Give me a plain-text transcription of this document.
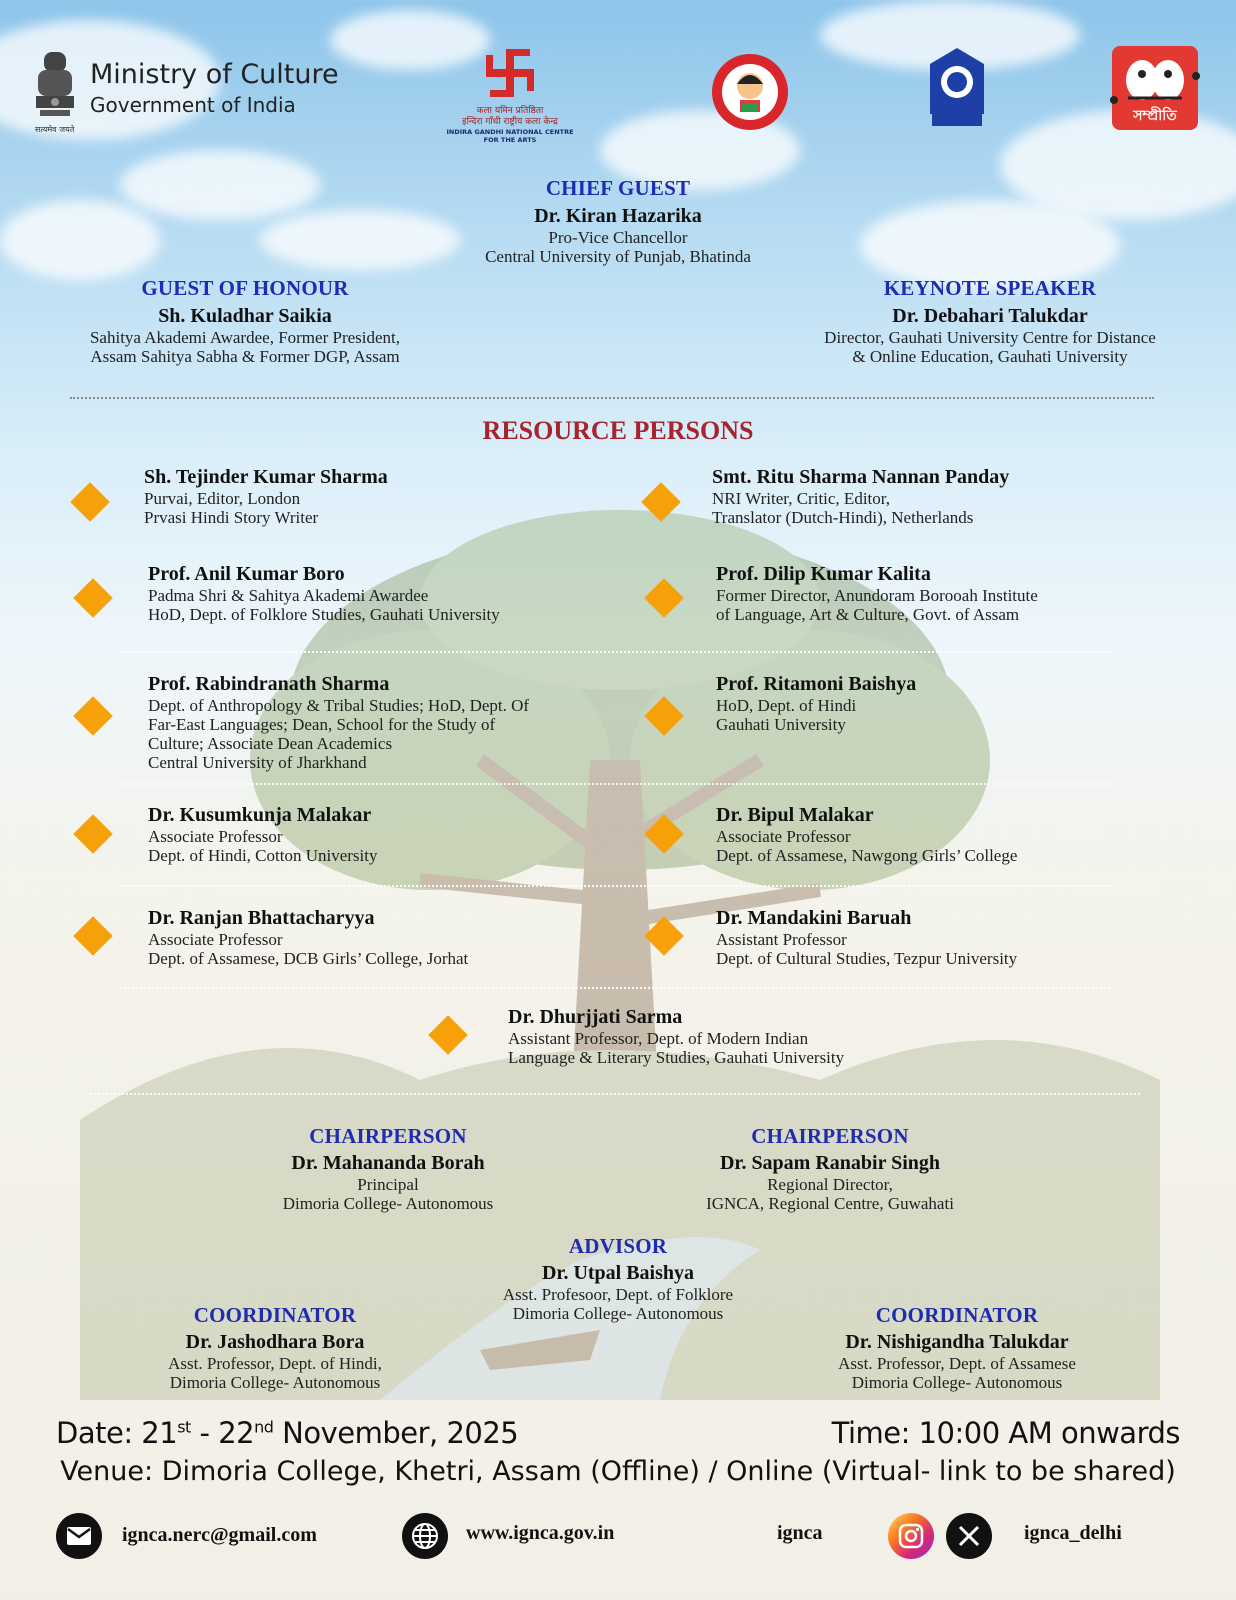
Ministry of Culture
Government of India
सत्यमेव जयते
कला यमिन प्रतिष्ठिता
इन्दिरा गाँधी राष्ट्रीय कला केन्द्र
INDIRA GANDHI NATIONAL CENTRE FOR THE ARTS
সম্প্ৰীতি
CHIEF GUEST
Dr. Kiran Hazarika
Pro-Vice Chancellor
Central University of Punjab, Bhatinda
GUEST OF HONOUR
Sh. Kuladhar Saikia
Sahitya Akademi Awardee, Former President,
Assam Sahitya Sabha & Former DGP, Assam
KEYNOTE SPEAKER
Dr. Debahari Talukdar
Director, Gauhati University Centre for Distance
& Online Education, Gauhati University
RESOURCE PERSONS
Sh. Tejinder Kumar Sharma
Purvai, Editor, London
Prvasi Hindi Story Writer
Smt. Ritu Sharma Nannan Panday
NRI Writer, Critic, Editor,
Translator (Dutch-Hindi), Netherlands
Prof. Anil Kumar Boro
Padma Shri & Sahitya Akademi Awardee
HoD, Dept. of Folklore Studies, Gauhati University
Prof. Dilip Kumar Kalita
Former Director, Anundoram Borooah Institute
of Language, Art & Culture, Govt. of Assam
Prof. Rabindranath Sharma
Dept. of Anthropology & Tribal Studies; HoD, Dept. Of
Far-East Languages; Dean, School for the Study of
Culture; Associate Dean Academics
Central University of Jharkhand
Prof. Ritamoni Baishya
HoD, Dept. of Hindi
Gauhati University
Dr. Kusumkunja Malakar
Associate Professor
Dept. of Hindi, Cotton University
Dr. Bipul Malakar
Associate Professor
Dept. of Assamese, Nawgong Girls’ College
Dr. Ranjan Bhattacharyya
Associate Professor
Dept. of Assamese, DCB Girls’ College, Jorhat
Dr. Mandakini Baruah
Assistant Professor
Dept. of Cultural Studies, Tezpur University
Dr. Dhurjjati Sarma
Assistant Professor, Dept. of Modern Indian
Language & Literary Studies, Gauhati University
CHAIRPERSON
Dr. Mahananda Borah
Principal
Dimoria College- Autonomous
CHAIRPERSON
Dr. Sapam Ranabir Singh
Regional Director,
IGNCA, Regional Centre, Guwahati
ADVISOR
Dr. Utpal Baishya
Asst. Profesoor, Dept. of Folklore
Dimoria College- Autonomous
COORDINATOR
Dr. Jashodhara Bora
Asst. Professor, Dept. of Hindi,
Dimoria College- Autonomous
COORDINATOR
Dr. Nishigandha Talukdar
Asst. Professor, Dept. of Assamese
Dimoria College- Autonomous
Date: 21st - 22nd November, 2025	Time: 10:00 AM onwards
Venue: Dimoria College, Khetri, Assam (Offline) / Online (Virtual- link to be shared)
igncа.nerc@gmail.com	www.ignca.gov.in	ignca	ignca_delhi
